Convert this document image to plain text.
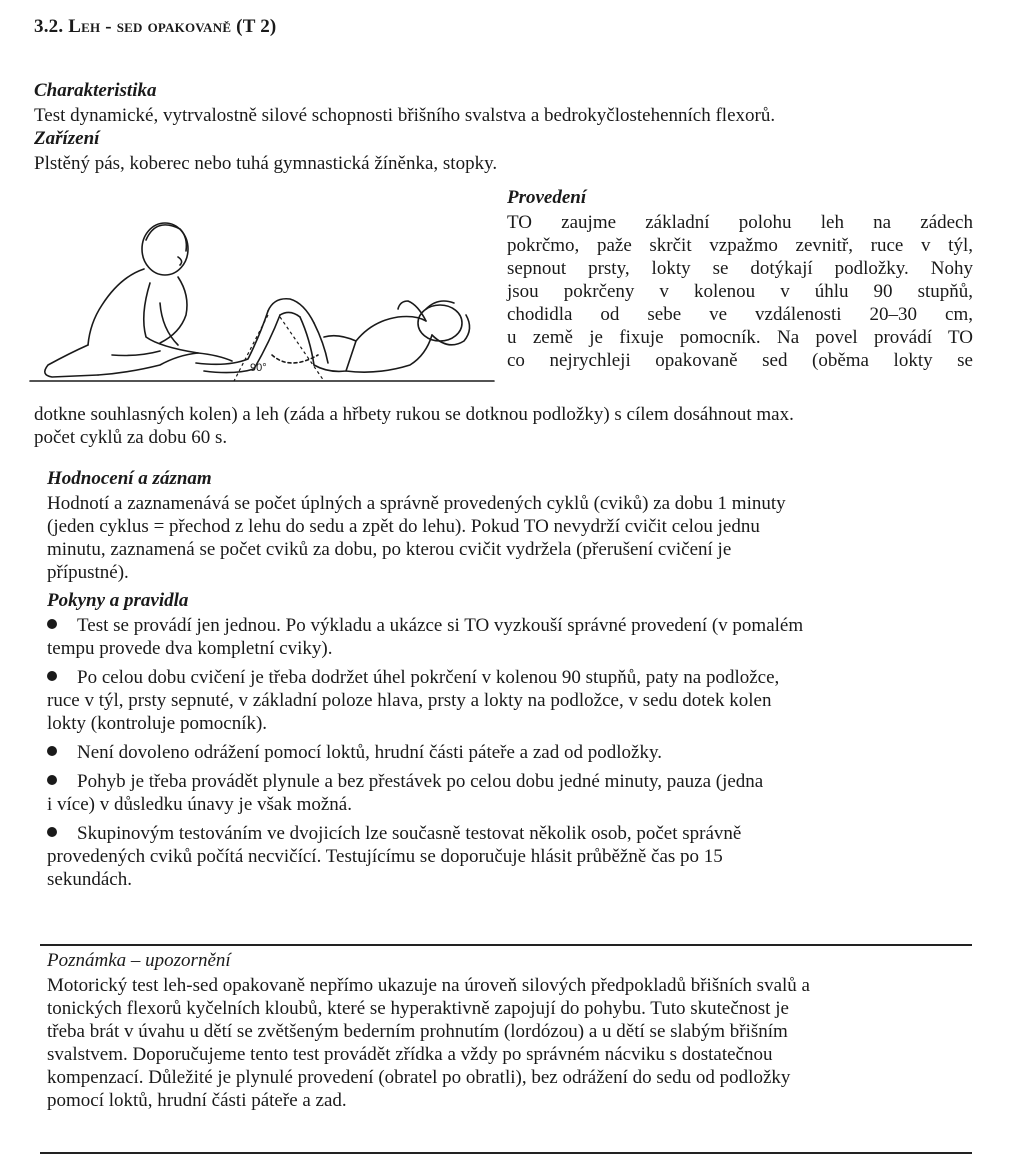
3.2. Leh - sed opakovaně (T 2)
Charakteristika
Test dynamické, vytrvalostně silové schopnosti břišního svalstva a bedrokyčlostehenních flexorů.
Zařízení
Plstěný pás, koberec nebo tuhá gymnastická žíněnka, stopky.
90°
Provedení
TO zaujme základní polohu leh na zádech
pokrčmo, paže skrčit vzpažmo zevnitř, ruce v týl,
sepnout prsty, lokty se dotýkají podložky. Nohy
jsou pokrčeny v kolenou v úhlu 90 stupňů,
chodidla od sebe ve vzdálenosti 20–30 cm,
u země je fixuje pomocník. Na povel provádí TO
co nejrychleji opakovaně sed (oběma lokty se
dotkne souhlasných kolen) a leh (záda a hřbety rukou se dotknou podložky) s cílem dosáhnout max.
počet cyklů za dobu 60 s.
Hodnocení a záznam
Hodnotí a zaznamenává se počet úplných a správně provedených cyklů (cviků) za dobu 1 minuty
(jeden cyklus = přechod z lehu do sedu a zpět do lehu). Pokud TO nevydrží cvičit celou jednu
minutu, zaznamená se počet cviků za dobu, po kterou cvičit vydržela (přerušení cvičení je
přípustné).
Pokyny a pravidla
Test se provádí jen jednou. Po výkladu a ukázce si TO vyzkouší správné provedení (v pomalém
tempu provede dva kompletní cviky).
Po celou dobu cvičení je třeba dodržet úhel pokrčení v kolenou 90 stupňů, paty na podložce,
ruce v týl, prsty sepnuté, v základní poloze hlava, prsty a lokty na podložce, v sedu dotek kolen
lokty (kontroluje pomocník).
Není dovoleno odrážení pomocí loktů, hrudní části páteře a zad od podložky.
Pohyb je třeba provádět plynule a bez přestávek po celou dobu jedné minuty, pauza (jedna
i více) v důsledku únavy je však možná.
Skupinovým testováním ve dvojicích lze současně testovat několik osob, počet správně
provedených cviků počítá necvičící. Testujícímu se doporučuje hlásit průběžně čas po 15
sekundách.
Poznámka – upozornění
Motorický test leh-sed opakovaně nepřímo ukazuje na úroveň silových předpokladů břišních svalů a
tonických flexorů kyčelních kloubů, které se hyperaktivně zapojují do pohybu. Tuto skutečnost je
třeba brát v úvahu u dětí se zvětšeným bederním prohnutím (lordózou) a u dětí se slabým břišním
svalstvem. Doporučujeme tento test provádět zřídka a vždy po správném nácviku s dostatečnou
kompenzací. Důležité je plynulé provedení (obratel po obratli), bez odrážení do sedu od podložky
pomocí loktů, hrudní části páteře a zad.
